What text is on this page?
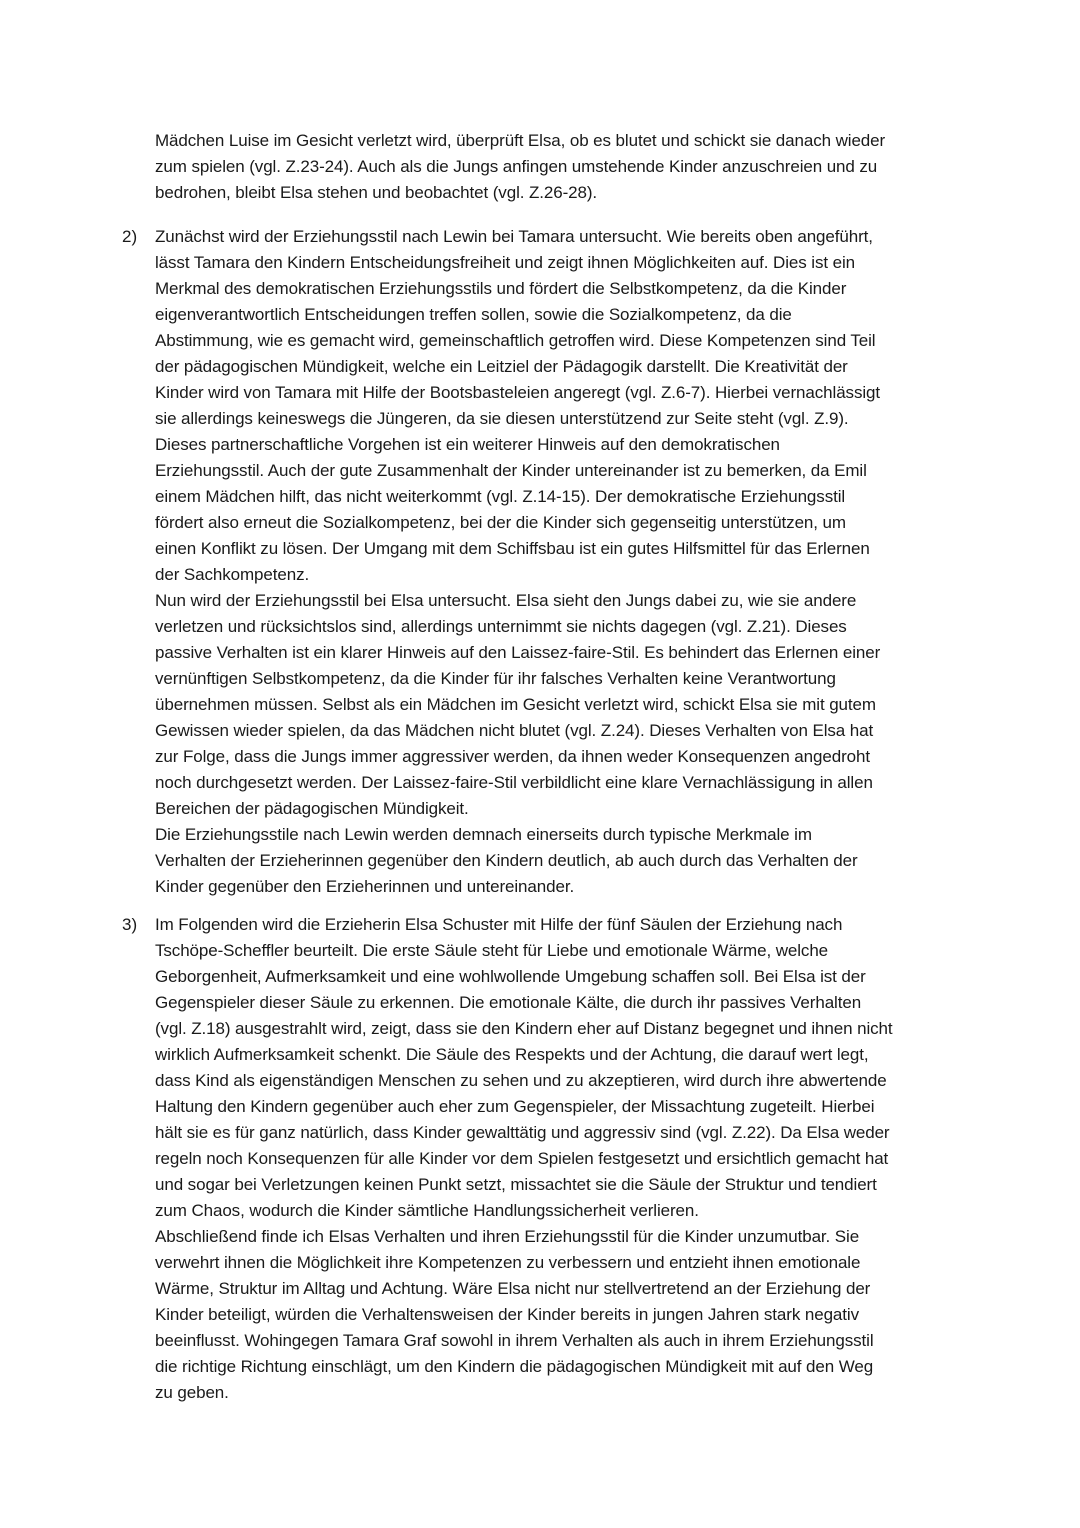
Mädchen Luise im Gesicht verletzt wird, überprüft Elsa, ob es blutet und schickt sie danach wieder
zum spielen (vgl. Z.23-24). Auch als die Jungs anfingen umstehende Kinder anzuschreien und zu
bedrohen, bleibt Elsa stehen und beobachtet (vgl. Z.26-28).
2) Zunächst wird der Erziehungsstil nach Lewin bei Tamara untersucht. Wie bereits oben angeführt,
lässt Tamara den Kindern Entscheidungsfreiheit und zeigt ihnen Möglichkeiten auf. Dies ist ein
Merkmal des demokratischen Erziehungsstils und fördert die Selbstkompetenz, da die Kinder
eigenverantwortlich Entscheidungen treffen sollen, sowie die Sozialkompetenz, da die
Abstimmung, wie es gemacht wird, gemeinschaftlich getroffen wird. Diese Kompetenzen sind Teil
der pädagogischen Mündigkeit, welche ein Leitziel der Pädagogik darstellt. Die Kreativität der
Kinder wird von Tamara mit Hilfe der Bootsbasteleien angeregt (vgl. Z.6-7). Hierbei vernachlässigt
sie allerdings keineswegs die Jüngeren, da sie diesen unterstützend zur Seite steht (vgl. Z.9).
Dieses partnerschaftliche Vorgehen ist ein weiterer Hinweis auf den demokratischen
Erziehungsstil. Auch der gute Zusammenhalt der Kinder untereinander ist zu bemerken, da Emil
einem Mädchen hilft, das nicht weiterkommt (vgl. Z.14-15). Der demokratische Erziehungsstil
fördert also erneut die Sozialkompetenz, bei der die Kinder sich gegenseitig unterstützen, um
einen Konflikt zu lösen. Der Umgang mit dem Schiffsbau ist ein gutes Hilfsmittel für das Erlernen
der Sachkompetenz.
Nun wird der Erziehungsstil bei Elsa untersucht. Elsa sieht den Jungs dabei zu, wie sie andere
verletzen und rücksichtslos sind, allerdings unternimmt sie nichts dagegen (vgl. Z.21). Dieses
passive Verhalten ist ein klarer Hinweis auf den Laissez-faire-Stil. Es behindert das Erlernen einer
vernünftigen Selbstkompetenz, da die Kinder für ihr falsches Verhalten keine Verantwortung
übernehmen müssen. Selbst als ein Mädchen im Gesicht verletzt wird, schickt Elsa sie mit gutem
Gewissen wieder spielen, da das Mädchen nicht blutet (vgl. Z.24). Dieses Verhalten von Elsa hat
zur Folge, dass die Jungs immer aggressiver werden, da ihnen weder Konsequenzen angedroht
noch durchgesetzt werden. Der Laissez-faire-Stil verbildlicht eine klare Vernachlässigung in allen
Bereichen der pädagogischen Mündigkeit.
Die Erziehungsstile nach Lewin werden demnach einerseits durch typische Merkmale im
Verhalten der Erzieherinnen gegenüber den Kindern deutlich, ab auch durch das Verhalten der
Kinder gegenüber den Erzieherinnen und untereinander.
3) Im Folgenden wird die Erzieherin Elsa Schuster mit Hilfe der fünf Säulen der Erziehung nach
Tschöpe-Scheffler beurteilt. Die erste Säule steht für Liebe und emotionale Wärme, welche
Geborgenheit, Aufmerksamkeit und eine wohlwollende Umgebung schaffen soll. Bei Elsa ist der
Gegenspieler dieser Säule zu erkennen. Die emotionale Kälte, die durch ihr passives Verhalten
(vgl. Z.18) ausgestrahlt wird, zeigt, dass sie den Kindern eher auf Distanz begegnet und ihnen nicht
wirklich Aufmerksamkeit schenkt. Die Säule des Respekts und der Achtung, die darauf wert legt,
dass Kind als eigenständigen Menschen zu sehen und zu akzeptieren, wird durch ihre abwertende
Haltung den Kindern gegenüber auch eher zum Gegenspieler, der Missachtung zugeteilt. Hierbei
hält sie es für ganz natürlich, dass Kinder gewalttätig und aggressiv sind (vgl. Z.22). Da Elsa weder
regeln noch Konsequenzen für alle Kinder vor dem Spielen festgesetzt und ersichtlich gemacht hat
und sogar bei Verletzungen keinen Punkt setzt, missachtet sie die Säule der Struktur und tendiert
zum Chaos, wodurch die Kinder sämtliche Handlungssicherheit verlieren.
Abschließend finde ich Elsas Verhalten und ihren Erziehungsstil für die Kinder unzumutbar. Sie
verwehrt ihnen die Möglichkeit ihre Kompetenzen zu verbessern und entzieht ihnen emotionale
Wärme, Struktur im Alltag und Achtung. Wäre Elsa nicht nur stellvertretend an der Erziehung der
Kinder beteiligt, würden die Verhaltensweisen der Kinder bereits in jungen Jahren stark negativ
beeinflusst. Wohingegen Tamara Graf sowohl in ihrem Verhalten als auch in ihrem Erziehungsstil
die richtige Richtung einschlägt, um den Kindern die pädagogischen Mündigkeit mit auf den Weg
zu geben.
